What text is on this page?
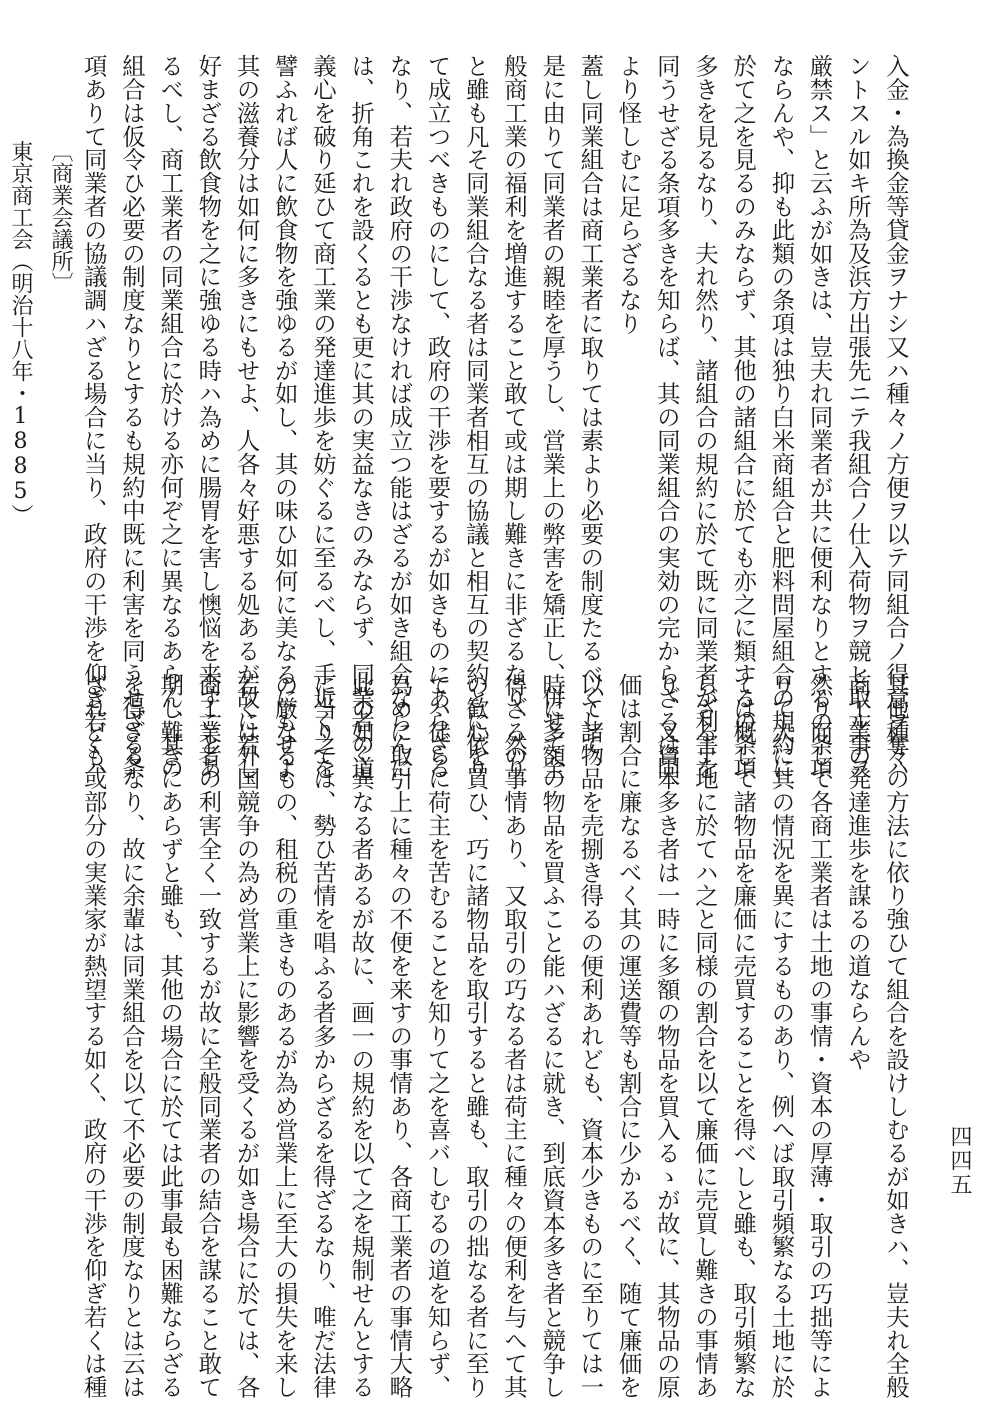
入金・為換金等貸金ヲナシ又ハ種々ノ方便ヲ以テ同組合ノ得意ヲ奪ハ
ントスル如キ所為及浜方出張先ニテ我組合ノ仕入荷物ヲ競ヒ取ル事ヲ
厳禁ス」と云ふが如きは、豈夫れ同業者が共に便利なりとするの条項
ならんや、抑も此類の条項は独り白米商組合と肥料問屋組合の規約に
於て之を見るのみならず、其他の諸組合に於ても亦之に類するの条項
多きを見るなり、夫れ然り、諸組合の規約に於て既に同業者が利害を
同うせざる条項多きを知らば、其の同業組合の実効の完からざるは固
より怪しむに足らざるなり
蓋し同業組合は商工業者に取りては素より必要の制度たるべくして、
是に由りて同業者の親睦を厚うし、営業上の弊害を矯正し、併せて全
般商工業の福利を増進すること敢て或は期し難きに非ざるなり、然り
と雖も凡そ同業組合なる者は同業者相互の協議と相互の契約とに依り
て成立つべきものにして、政府の干渉を要するが如きものにあらざる
なり、若夫れ政府の干渉なければ成立つ能はざるが如き組合ならんに
は、折角これを設くるとも更に其の実益なきのみならず、同業者の道
義心を破り延ひて商工業の発達進歩を妨ぐるに至るべし、手近く之を
譬ふれば人に飲食物を強ゆるが如し、其の味ひ如何に美なるにもせよ
其の滋養分は如何に多きにもせよ、人各々好悪する処あるが故に若し
好まざる飲食物を之に強ゆる時ハ為めに腸胃を害し懊悩を来すことあ
るべし、商工業者の同業組合に於ける亦何ぞ之に異なるあらん、其の
組合は仮令ひ必要の制度なりとするも規約中既に利害を同うせざる条
項ありて同業者の協議調ハざる場合に当り、政府の干渉を仰ぎ若くハ
其他種々の方法に依り強ひて組合を設けしむるが如きハ、豈夫れ全般
商工業の発達進歩を謀るの道ならんや
然り而して各商工業者は土地の事情・資本の厚薄・取引の巧拙等によ
りて大に其の情況を異にするものあり、例へば取引頻繁なる土地に於
ては概して諸物品を廉価に売買することを得べしと雖も、取引頻繁な
らざる土地に於てハ之と同様の割合を以て廉価に売買し難きの事情あ
り、又資本多き者は一時に多額の物品を買入るゝが故に、其物品の原
価は割合に廉なるべく其の運送費等も割合に少かるべく、随て廉価を
以て諸物品を売捌き得るの便利あれども、資本少きものに至りては一
時に多額の物品を買ふこと能ハざるに就き、到底資本多き者と競争し
得ざるの事情あり、又取引の巧なる者は荷主に種々の便利を与へて其
の歓心を買ひ、巧に諸物品を取引すると雖も、取引の拙なる者に至り
てハ徒らに荷主を苦むることを知りて之を喜バしむるの道を知らず、
為めに取引上に種々の不便を来すの事情あり、各商工業者の事情大略
此の如く異なる者あるが故に、画一の規約を以て之を規制せんとする
に当りては、勢ひ苦情を唱ふる者多からざるを得ざるなり、唯だ法律
の厳なるもの、租税の重きものあるが為め営業上に至大の損失を来し
若くは外国競争の為め営業上に影響を受くるが如き場合に於ては、各
商工業者の利害全く一致するが故に全般同業者の結合を謀ること敢て
期し難きにあらずと雖も、其他の場合に於ては此事最も困難ならざる
を得ざるなり、故に余輩は同業組合を以て不必要の制度なりとは云は
ざれども或部分の実業家が熱望する如く、政府の干渉を仰ぎ若くは種
〔商業会議所〕
東京商工会（明治十八年・1885）
四四五
